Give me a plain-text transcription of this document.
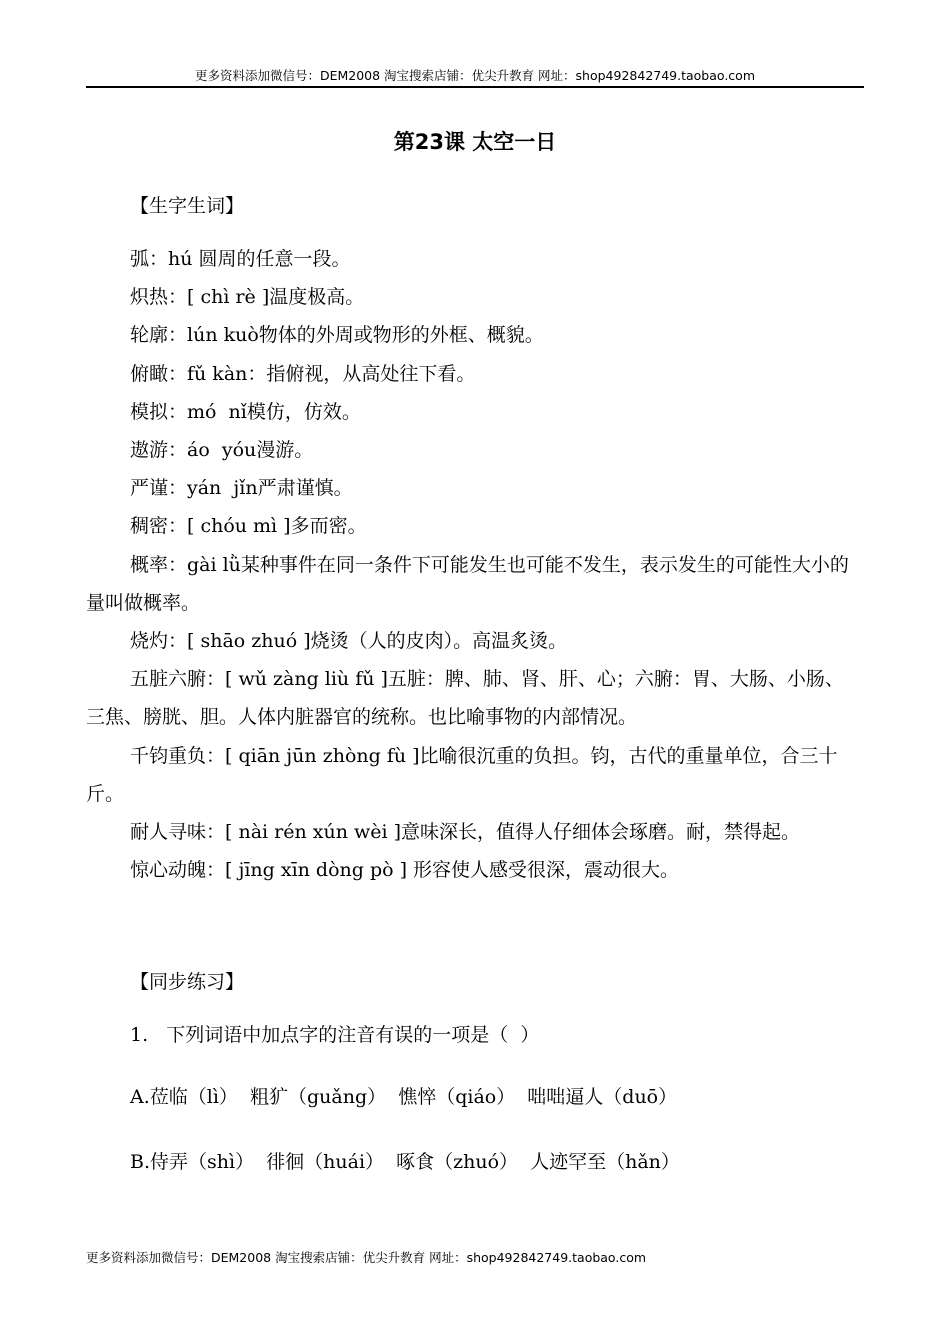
更多资料添加微信号：DEM2008 淘宝搜索店铺：优尖升教育 网址：shop492842749.taobao.com
第23课 太空一日
【生字生词】

弧：hú 圆周的任意一段。

炽热：[ chì rè ]温度极高。

轮廓：lún kuò物体的外周或物形的外框、概貌。

俯瞰：fǔ kàn：指俯视，从高处往下看。

模拟：mó  nǐ模仿，仿效。

遨游：áo  yóu漫游。

严谨：yán  jǐn严肃谨慎。

稠密：[ chóu mì ]多而密。

概率：gài lǜ某种事件在同一条件下可能发生也可能不发生，表示发生的可能性大小的量叫做概率。

烧灼：[ shāo zhuó ]烧烫（人的皮肉）。高温炙烫。

五脏六腑：[ wǔ zàng liù fǔ ]五脏：脾、肺、肾、肝、心；六腑：胃、大肠、小肠、三焦、膀胱、胆。人体内脏器官的统称。也比喻事物的内部情况。

千钧重负：[ qiān jūn zhòng fù ]比喻很沉重的负担。钧，古代的重量单位，合三十斤。

耐人寻味：[ nài rén xún wèi ]意味深长，值得人仔细体会琢磨。耐，禁得起。

惊心动魄：[ jīng xīn dòng pò ] 形容使人感受很深，震动很大。

【同步练习】
1.   下列词语中加点字的注音有误的一项是（  ）
A.莅临（lì）  粗犷（guǎng）  憔悴（qiáo）  咄咄逼人（duō）
B.侍弄（shì）  徘徊（huái）  啄食（zhuó）  人迹罕至（hǎn）
更多资料添加微信号：DEM2008 淘宝搜索店铺：优尖升教育 网址：shop492842749.taobao.com
